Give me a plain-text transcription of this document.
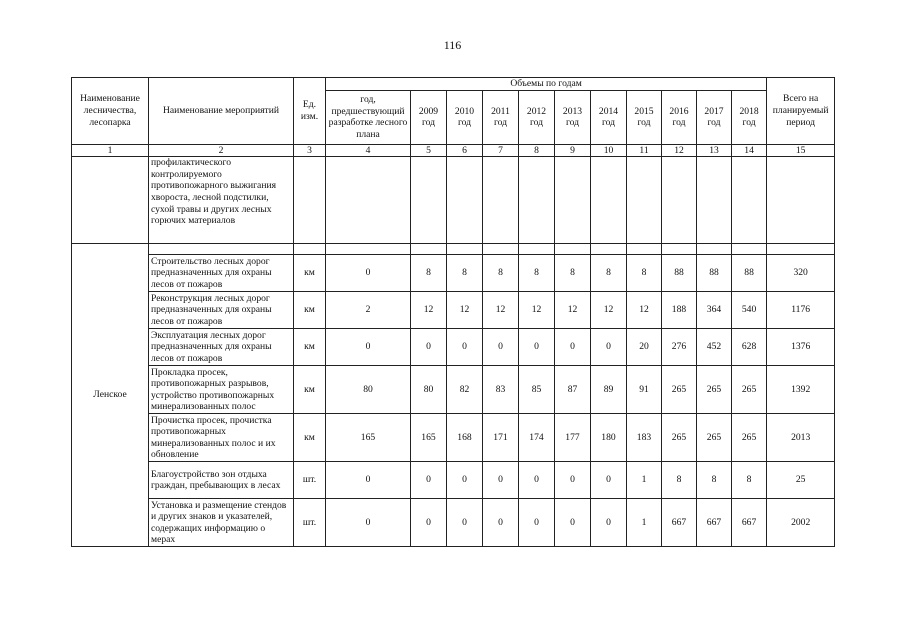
116
Наименование лесничества, лесопарка	Наименование мероприятий	Ед. изм.	Объемы по годам											Всего на планируемый период
			год, предшествующий разработке лесного плана	2009 год	2010 год	2011 год	2012 год	2013 год	2014 год	2015 год	2016 год	2017 год	2018 год	
1	2	3	4	5	6	7	8	9	10	11	12	13	14	15
	профилактического контролируемого противопожарного выжигания хвороста, лесной подстилки, сухой травы и других лесных горючих материалов													
Ленское														
	Строительство лесных дорог предназначенных для охраны лесов от пожаров	км	0	8	8	8	8	8	8	8	88	88	88	320
	Реконструкция лесных дорог предназначенных для охраны лесов от пожаров	км	2	12	12	12	12	12	12	12	188	364	540	1176
	Эксплуатация лесных дорог предназначенных для охраны лесов от пожаров	км	0	0	0	0	0	0	0	20	276	452	628	1376
	Прокладка просек, противопожарных разрывов, устройство противопожарных минерализованных полос	км	80	80	82	83	85	87	89	91	265	265	265	1392
	Прочистка просек, прочистка противопожарных минерализованных полос и их обновление	км	165	165	168	171	174	177	180	183	265	265	265	2013
	Благоустройство зон отдыха граждан, пребывающих в лесах	шт.	0	0	0	0	0	0	0	1	8	8	8	25
	Установка и размещение стендов и других знаков и указателей, содержащих информацию о мерах	шт.	0	0	0	0	0	0	0	1	667	667	667	2002
